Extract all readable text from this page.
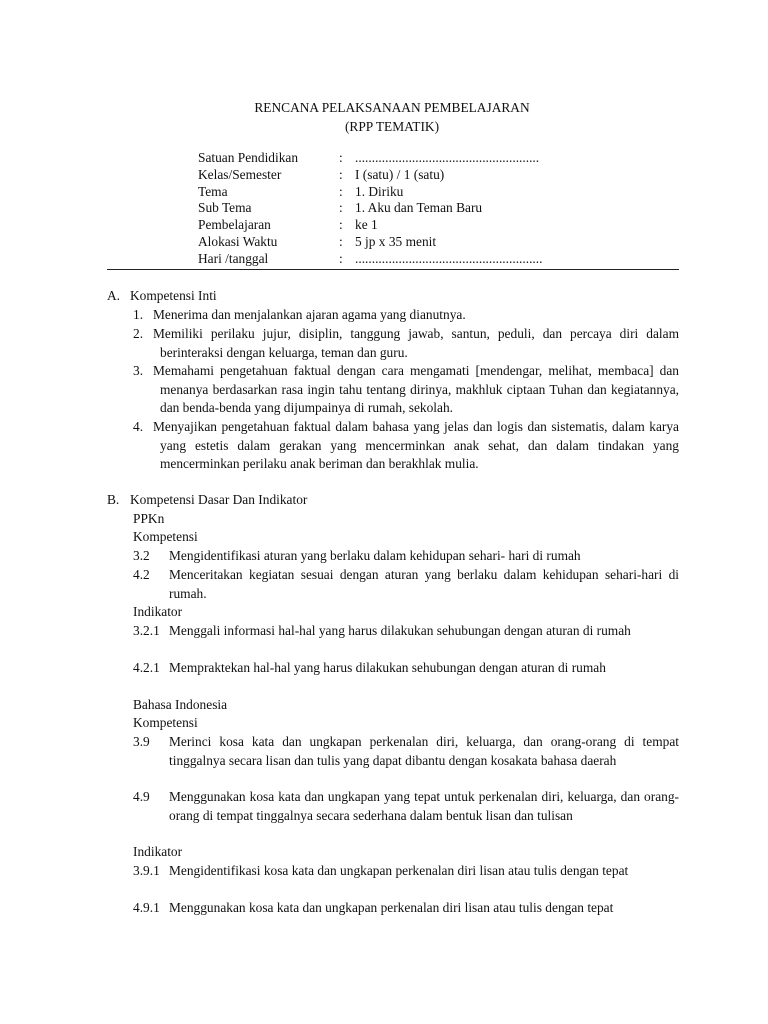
RENCANA PELAKSANAAN PEMBELAJARAN
(RPP TEMATIK)
Satuan Pendidikan	: .......................................................
Kelas/Semester	: I (satu) / 1 (satu)
Tema	: 1. Diriku
Sub Tema	: 1. Aku dan Teman Baru
Pembelajaran	: ke 1
Alokasi Waktu	: 5 jp x 35 menit
Hari /tanggal	: ........................................................
A. Kompetensi Inti
1. Menerima dan menjalankan ajaran agama yang dianutnya.
2. Memiliki perilaku jujur, disiplin, tanggung jawab, santun, peduli, dan percaya diri dalam berinteraksi dengan keluarga, teman dan guru.
3. Memahami pengetahuan faktual dengan cara mengamati [mendengar, melihat, membaca] dan menanya berdasarkan rasa ingin tahu tentang dirinya, makhluk ciptaan Tuhan dan kegiatannya, dan benda-benda yang dijumpainya di rumah, sekolah.
4. Menyajikan pengetahuan faktual dalam bahasa yang jelas dan logis dan sistematis, dalam karya yang estetis dalam gerakan yang mencerminkan anak sehat, dan dalam tindakan yang mencerminkan perilaku anak beriman dan berakhlak mulia.
B. Kompetensi Dasar Dan Indikator
PPKn
Kompetensi
3.2 Mengidentifikasi aturan yang berlaku dalam kehidupan sehari- hari di rumah
4.2 Menceritakan kegiatan sesuai dengan aturan yang berlaku dalam kehidupan sehari-hari di rumah.
Indikator
3.2.1 Menggali informasi hal-hal yang harus dilakukan sehubungan dengan aturan di rumah
4.2.1 Mempraktekan hal-hal yang harus dilakukan sehubungan dengan aturan di rumah
Bahasa Indonesia
Kompetensi
3.9 Merinci kosa kata dan ungkapan perkenalan diri, keluarga, dan orang-orang di tempat tinggalnya secara lisan dan tulis yang dapat dibantu dengan kosakata bahasa daerah
4.9 Menggunakan kosa kata dan ungkapan yang tepat untuk perkenalan diri, keluarga, dan orang-orang di tempat tinggalnya secara sederhana dalam bentuk lisan dan tulisan
Indikator
3.9.1 Mengidentifikasi kosa kata dan ungkapan perkenalan diri lisan atau tulis dengan tepat
4.9.1 Menggunakan kosa kata dan ungkapan perkenalan diri lisan atau tulis dengan tepat
